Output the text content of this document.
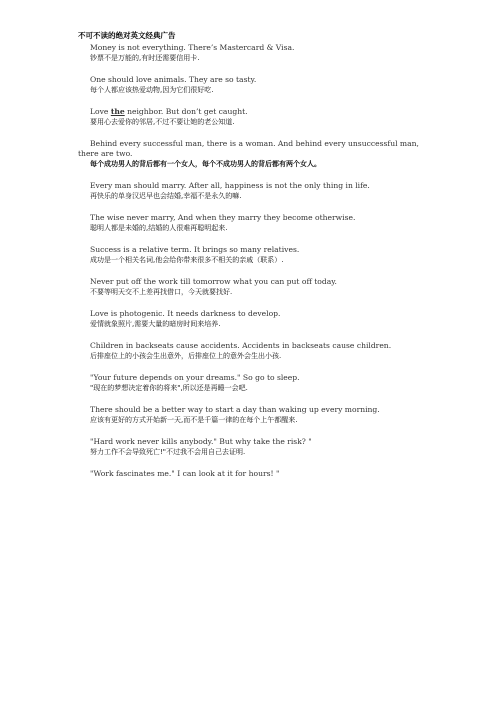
不可不读的绝对英文经典广告

Money is not everything. There’s Mastercard & Visa.

钞票不是万能的,有时还需要信用卡.

One should love animals. They are so tasty.

每个人都应该热爱动物,因为它们很好吃.

Love the neighbor. But don’t get caught.

要用心去爱你的邻居,不过不要让她的老公知道.

Behind every successful man, there is a woman. And behind every unsuccessful man, there are two.

每个成功男人的背后都有一个女人，每个不成功男人的背后都有两个女人。

Every man should marry. After all, happiness is not the only thing in life.

再快乐的单身汉迟早也会结婚,幸福不是永久的嘛.

The wise never marry, And when they marry they become otherwise.

聪明人都是未婚的,结婚的人很难再聪明起来.

Success is a relative term. It brings so many relatives.

成功是一个相关名词,他会给你带来很多不相关的亲戚（联系）.

Never put off the work till tomorrow what you can put off today.

不要等明天交不上差再找借口，今天就要找好.

Love is photogenic. It needs darkness to develop.

爱情就象照片,需要大量的暗房时间来培养.

Children in backseats cause accidents. Accidents in backseats cause children.

后排座位上的小孩会生出意外，后排座位上的意外会生出小孩.

"Your future depends on your dreams." So go to sleep.

"现在的梦想决定着你的将来",所以还是再睡一会吧.

There should be a better way to start a day than waking up every morning.

应该有更好的方式开始新一天,而不是千篇一律的在每个上午都醒来.

"Hard work never kills anybody." But why take the risk? "

努力工作不会导致死亡!"不过我不会用自己去证明.

"Work fascinates me." I can look at it for hours! "
